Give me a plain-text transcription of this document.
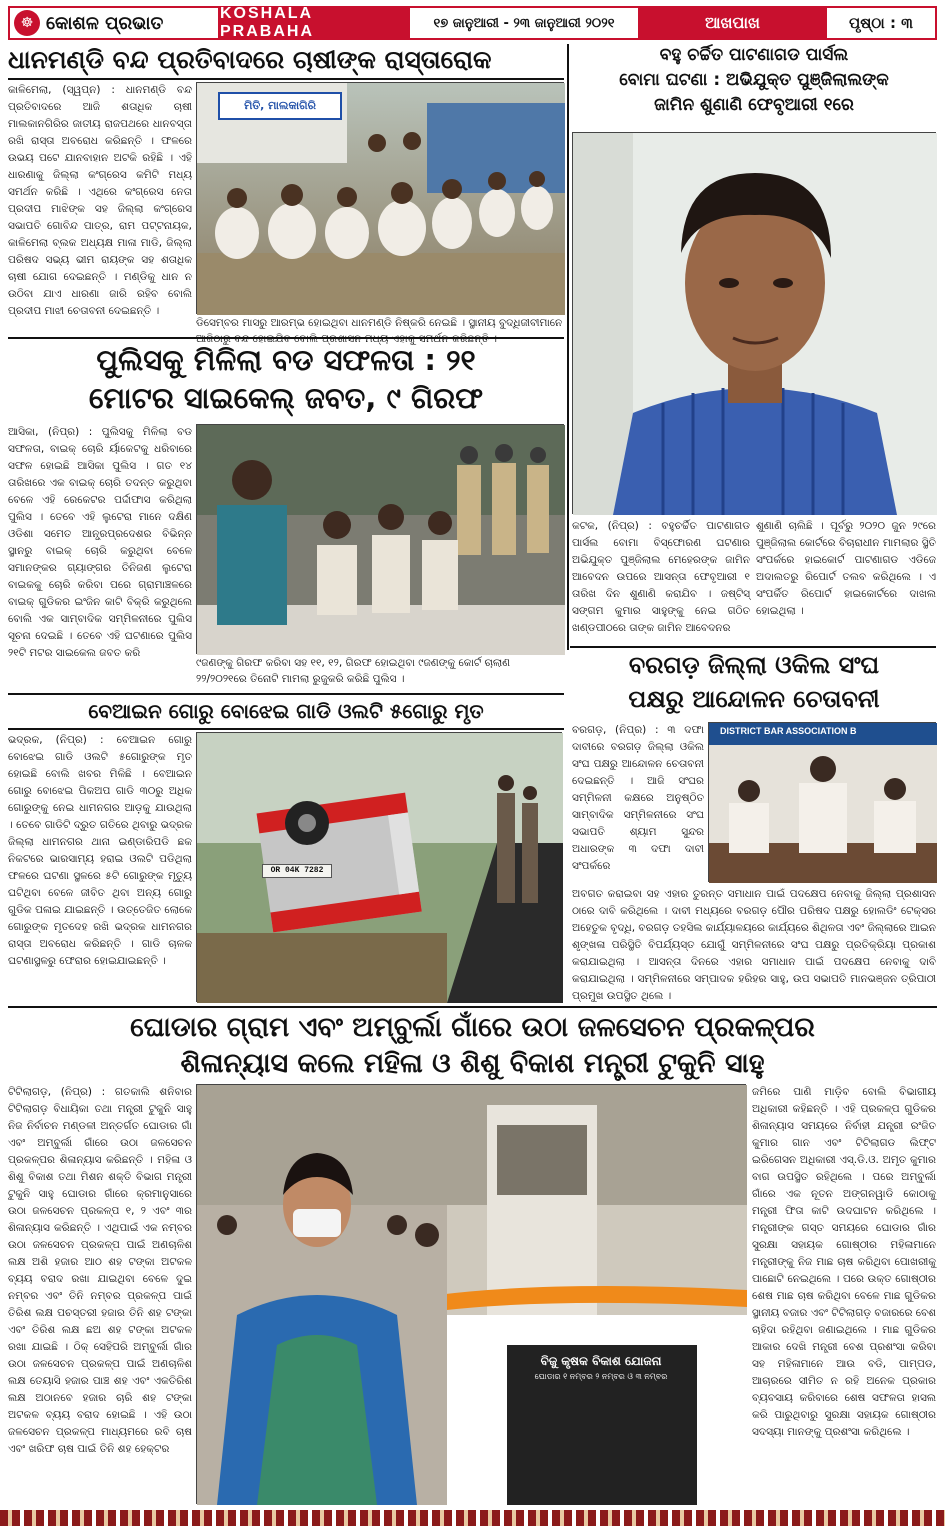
☸ କୋଶଳ ପ୍ରଭାତ	KOSHALA PRABAHA	୧୭ ଜାନୁଆରୀ - ୨୩ ଜାନୁଆରୀ ୨୦୨୧	ଆଖପାଖ	ପୃଷ୍ଠା : ୩
ଧାନମଣ୍ଡି ବନ୍ଦ ପ୍ରତିବାଦରେ ଚାଷୀଙ୍କ ରାସ୍ତାରୋକ
କାଳିମେଲା, (ସ୍ୱପ୍ନ) : ଧାନମଣ୍ଡି ବନ୍ଦ ପ୍ରତିବାଦରେ ଆଜି ଶତାଧିକ ଚାଷୀ ମାଲକାନଗିରିର ଜାତୀୟ ରାଜପଥରେ ଧାନବସ୍ତା ରଖି ରାସ୍ତା ଅବରୋଧ କରିଛନ୍ତି । ଫଳରେ ଉଭୟ ପଟେ ଯାନବାହାନ ଅଟକି ରହିଛି । ଏହି ଧାରଣାକୁ ଜିଲ୍ଲା କଂଗ୍ରେସ କମିଟି ମଧ୍ୟ ସମର୍ଥନ କରିଛି । ଏଥିରେ କଂଗ୍ରେସ ନେତା ପ୍ରଦୀପ ମାଝିଙ୍କ ସହ ଜିଲ୍ଲା କଂଗ୍ରେସ ସଭାପତି ଗୋବିନ୍ଦ ପାତ୍ର, ରାମ ପଟ୍ଟନାୟକ, କାଳିମେଲା ବ୍ଲକ ଅଧ୍ୟକ୍ଷ ମାଳା ମାଡି, ଜିଲ୍ଲା ପରିଷଦ ସଭ୍ୟ ଭୀମ ରାୟଙ୍କ ସହ ଶତାଧିକ ଚାଷୀ ଯୋଗ ଦେଇଛନ୍ତି । ମଣ୍ଡିକୁ ଧାନ ନ ଉଠିବା ଯାଏ ଧାରଣା ଜାରି ରହିବ ବୋଲି ପ୍ରଦୀପ ମାଝୀ ଚେତାବନୀ ଦେଇଛନ୍ତି ।
ମିତି, ମାଲକାଗିରି
ଡିସେମ୍ବର ମାସରୁ ଆରମ୍ଭ ହୋଇଥିବା ଧାନମଣ୍ଡି ନିଷ୍କରି ନେଇଛି । ସ୍ଥାନୀୟ ବୁଦ୍ଧିଜୀବୀମାନେ
ବହୁ ଚର୍ଚ୍ଚିତ ପାଟଣାଗଡ ପାର୍ସଲ
ବୋମା ଘଟଣା : ଅଭିଯୁକ୍ତ ପୁଞ୍ଜିଲାଲଙ୍କ
ଜାମିନ ଶୁଣାଣି ଫେବୃଆରୀ ୧ରେ
କଟକ, (ନିପ୍ର) : ବହୁଚର୍ଚ୍ଚିତ ପାଟଣାଗଡ ପାର୍ସଲ ବୋମା ବିସ୍ଫୋରଣ ଘଟଣାର ଅଭିଯୁକ୍ତ ପୁଞ୍ଜିଲାଲ ମେହେରଙ୍କ ଜାମିନ ଆବେଦନ ଉପରେ ଆସନ୍ତା ଫେବୃଆରୀ ୧ ତାରିଖ ଦିନ ଶୁଣାଣି କରାଯିବ । ଜଷ୍ଟିସ୍ ସଙ୍ଗମ କୁମାର ସାହୁଙ୍କୁ ନେଇ ଗଠିତ ଖଣ୍ଡପୀଠରେ ତାଙ୍କ ଜାମିନ ଆବେଦନର
ଶୁଣାଣି ଚାଲିଛି । ପୂର୍ବରୁ ୨୦୨୦ ଜୁନ ୨୯ରେ ପୁଞ୍ଜିଲାଲ କୋର୍ଟରେ ବିଚାରାଧୀନ ମାମଲାର ସ୍ଥିତି ସଂପର୍କରେ ହାଇକୋର୍ଟ ପାଟଣାଗଡ ଏଡିଜେ ଅଦାଲତରୁ ରିପୋର୍ଟ ତଲବ କରିଥିଲେ । ଏ ସଂପର୍କିତ ରିପୋର୍ଟ ହାଇକୋର୍ଟରେ ଦାଖଲ ହୋଇଥିଲା ।
ପୁଲିସକୁ ମିଳିଲା ବଡ ସଫଳତା : ୨୧
ମୋଟର ସାଇକେଲ୍ ଜବତ, ୯ ଗିରଫ
ଆସିକା, (ନିପ୍ର) : ପୁଲିସକୁ ମିଳିଲା ବଡ ସଫଳତା, ବାଇକ୍ ଚୋରି ର୍ୟାକେଟକୁ ଧରିବାରେ ସଫଳ ହୋଇଛି ଆସିକା ପୁଲିସ । ଗତ ୧୪ ତାରିଖରେ ଏକ ବାଇକ୍ ଚୋରି ତଦନ୍ତ କରୁଥିବା ବେଳେ ଏହି ରେକେଟର ପର୍ଦ୍ଦାଫାସ କରିଥିଲା ପୁଲିସ । ତେବେ ଏହି ଲୁଟେରା ମାନେ ଦକ୍ଷିଣ ଓଡିଶା ସମେତ ଆନ୍ଧ୍ରପ୍ରଦେଶର ବିଭିନ୍ନ ସ୍ଥାନରୁ ବାଇକ୍ ଚୋରି କରୁଥିବା ବେଳେ ସମାନଙ୍କର ଗ୍ୟାଙ୍ଗର ତିନିଜଣ ଲୁଟେରା ବାଇକକୁ ଚୋରି କରିବା ପରେ ଗ୍ରାମାଞ୍ଚଳରେ ବାଇକ୍ ଗୁଡିକର ଇଂଜିନ କାଟି ବିକ୍ରି କରୁଥିଲେ ବୋଲି ଏକ ସାମ୍ବାଦିକ ସମ୍ମିଳନୀରେ ପୁଲିସ ସୂଚନା ଦେଇଛି । ତେବେ ଏହି ଘଟଣାରେ ପୁଲିସ ୨୧ଟି ମଟର ସାଇକେଲ ଜବତ କରି
୯ଜଣଙ୍କୁ ଗିରଫ କରିବା ସହ ୧୧, ୧୨, ଗିରଫ ହୋଇଥିବା ୯ଜଣଙ୍କୁ କୋର୍ଟ ଚାଲାଣ ୨୨/୨୦୨୧ରେ ତିନୋଟି ମାମଲା ରୁଜୁକରି କରିଛି ପୁଲିସ ।	ବରଗଡ଼ ଜିଲ୍ଲା ଓକିଲ ସଂଘ
ପକ୍ଷରୁ ଆନ୍ଦୋଳନ ଚେତାବନୀ
ବରଗଡ଼, (ନିପ୍ର) : ୩ ଦଫା ଦାବୀରେ ବରଗଡ଼ ଜିଲ୍ଲା ଓକିଲ ସଂଘ ପକ୍ଷରୁ ଆନ୍ଦୋଳନ ଚେତାବନୀ ଦେଇଛନ୍ତି । ଆଜି ସଂଘର ସମ୍ମିଳନୀ କକ୍ଷରେ ଅନୁଷ୍ଠିତ ସାମ୍ବାଦିକ ସମ୍ମିଳନୀରେ ସଂଘ ସଭାପତି ଶ୍ୟାମ ସୁନ୍ଦର ଅଧାରଙ୍କ ୩ ଦଫା ଦାବୀ ସଂପର୍କରେ
DISTRICT BAR ASSOCIATION B
ଅବଗତ କରାଇବା ସହ ଏହାର ତୁରନ୍ତ ସମାଧାନ ପାଇଁ ପଦକ୍ଷେପ ନେବାକୁ ଜିଲ୍ଲା ପ୍ରଶାସନ ଠାରେ ଦାବି କରିଥିଲେ । ଦାବୀ ମଧ୍ୟରେ ବରଗଡ଼ ପୌର ପରିଷଦ ପକ୍ଷରୁ ହୋଲଡିଂ ଟେକ୍ସର ଅହେତୁକ ବୃଦ୍ଧି, ବରଗଡ଼ ତହସିଲ କାର୍ଯ୍ୟାଳୟରେ କାର୍ଯ୍ୟରେ ଶିଥିଳତା ଏବଂ ଜିଲ୍ଲାରେ ଆଇନ ଶୃଙ୍ଖଳା ପରିସ୍ଥିତି ବିପର୍ଯ୍ୟସ୍ତ ଯୋଗୁଁ ସମ୍ମିଳନୀରେ ସଂଘ ପକ୍ଷରୁ ପ୍ରତିକ୍ରିୟା ପ୍ରକାଶ କରାଯାଇଥିଲା । ଆସନ୍ତା ଦିନରେ ଏହାର ସମାଧାନ ପାଇଁ ପଦକ୍ଷେପ ନେବାକୁ ଦାବି କରାଯାଇଥିଲା । ସମ୍ମିଳନୀରେ ସମ୍ପାଦକ ହରିହର ସାହୁ, ଉପ ସଭାପତି ମାନଭଞ୍ଜନ ତ୍ରିପାଠୀ ପ୍ରମୁଖ ଉପସ୍ଥିତ ଥିଲେ ।
ବେଆଇନ ଗୋରୁ ବୋଝେଇ ଗାଡି ଓଲଟି ୫ଗୋରୁ ମୃତ
ଭଦ୍ରକ, (ନିପ୍ର) : ବେଆଇନ ଗୋରୁ ବୋଝେଇ ଗାଡି ଓଲଟି ୫ଗୋରୁଙ୍କ ମୃତ ହୋଇଛି ବୋଲି ଖବର ମିଳିଛି । ବେଆଇନ ଗୋରୁ ବୋଝେଇ ପିକଅପ ଗାଡି ୩୦ରୁ ଅଧିକ ଗୋରୁଙ୍କୁ ନେଇ ଧାମନଗର ଆଡ଼କୁ ଯାଉଥିଲା । ତେବେ ଗାଡିଟି ଦ୍ରୁତ ଗତିରେ ଥିବାରୁ ଭଦ୍ରକ ଜିଲ୍ଲା ଧାମନଗର ଥାନା ଇଣ୍ଡାରିପଡି ଛକ ନିକଟରେ ଭାରସାମ୍ୟ ହରାଇ ଓଲଟି ପଡିଥିଲା ଫଳରେ ଘଟଣା ସ୍ଥଳରେ ୫ଟି ଗୋରୁଙ୍କ ମୃତ୍ୟୁ ଘଟିଥିବା ବେଳେ ଜୀବିତ ଥିବା ଅନ୍ୟ ଗୋରୁ ଗୁଡିକ ପଳାଇ ଯାଇଛନ୍ତି । ଉତ୍ତେଜିତ ଲୋକେ ଗୋରୁଙ୍କ ମୃତଦେହ ରଖି ଭଦ୍ରକ ଧାମନଗର ରାସ୍ତା ଅବରୋଧ କରିଛନ୍ତି । ଗାଡି ଚାଳକ ଘଟଣାସ୍ଥଳରୁ ଫେରାର ହୋଇଯାଇଛନ୍ତି ।
OR 04K 7282
ଘୋଡାର ଗ୍ରାମ ଏବଂ ଅମ୍ବୁର୍ଲା ଗାଁରେ ଉଠା ଜଳସେଚନ ପ୍ରକଳ୍ପର
ଶିଳାନ୍ୟାସ କଲେ ମହିଳା ଓ ଶିଶୁ ବିକାଶ ମନ୍ତ୍ରୀ ଟୁକୁନି ସାହୁ
ଟିଟିଲାଗଡ଼, (ନିପ୍ର) : ଗତକାଲି ଶନିବାର ଟିଟିଲାଗଡ଼ ବିଧାୟିକା ତଥା ମନ୍ତ୍ରୀ ଟୁକୁନି ସାହୁ ନିଜ ନିର୍ବାଚନ ମଣ୍ଡଳୀ ଅନ୍ତର୍ଗତ ଘୋଡାର ଗାଁ ଏବଂ ଅମ୍ବୁର୍ଲା ଗାଁରେ ଉଠା ଜଳସେଚନ ପ୍ରକଳ୍ପର ଶିଳାନ୍ୟାସ କରିଛନ୍ତି । ମହିଳା ଓ ଶିଶୁ ବିକାଶ ତଥା ମିଶନ ଶକ୍ତି ବିଭାଗ ମନ୍ତ୍ରୀ ଟୁକୁନି ସାହୁ ଘୋଡାର ଗାଁରେ କ୍ରମାନୁସାରେ ଉଠା ଜଳସେଚନ ପ୍ରକଳ୍ପ ୧, ୨ ଏବଂ ୩ର ଶିଳାନ୍ୟାସ କରିଛନ୍ତି । ଏଥିପାଇଁ ଏକ ନମ୍ବର ଉଠା ଜଳସେଚନ ପ୍ରକଳ୍ପ ପାଇଁ ଅଣଚାଳିଶ ଲକ୍ଷ ଅଶି ହଜାର ଆଠ ଶହ ଟଙ୍କା ଅଟକଳ ବ୍ୟୟ ବରାଦ ରଖା ଯାଇଥିବା ବେଳେ ଦୁଇ ନମ୍ବର ଏବଂ ତିନି ନମ୍ବର ପ୍ରକଳ୍ପ ପାଇଁ ତିରିଶ ଲକ୍ଷ ପଚସ୍ତରୀ ହଜାର ତିନି ଶହ ଟଙ୍କା ଏବଂ ତିରିଶ ଲକ୍ଷ ଛଅ ଶହ ଟଙ୍କା ଅଟକଳ ରଖା ଯାଇଛି । ଠିକ୍ ସେହିପରି ଅମ୍ବୁର୍ଲା ଗାଁର ଉଠା ଜଳସେଚନ ପ୍ରକଳ୍ପ ପାଇଁ ଅଣଚାଳିଶ ଲକ୍ଷ ତେୟାସି ହଜାର ପାଞ୍ଚ ଶହ ଏବଂ ଏକତିରିଶ ଲକ୍ଷ ଅଠାନବେ ହଜାର ଚାରି ଶହ ଟଙ୍କା ଅଟକଳ ବ୍ୟୟ ବରାଦ ହୋଇଛି । ଏହି ଉଠା ଜଳସେଚନ ପ୍ରକଳ୍ପ ମାଧ୍ୟମରେ ରବି ଚାଷ ଏବଂ ଖରିଫ ଚାଷ ପାଇଁ ତିନି ଶହ ହେକ୍ଟର
ବିଜୁ କୃଷକ ବିକାଶ ଯୋଜନା
ଘୋଡାର ୧ ନମ୍ବର ୨ ନମ୍ବର ଓ ୩ ନମ୍ବର
ଜମିରେ ପାଣି ମାଡ଼ିବ ବୋଲି ବିଭାଗୀୟ ଅଧିକାରୀ କହିଛନ୍ତି । ଏହି ପ୍ରକଳ୍ପ ଗୁଡିକର ଶିଳାନ୍ୟାସ ସମୟରେ ନିର୍ବାହୀ ଯନ୍ତ୍ରୀ ରଂଜିତ କୁମାର ଗାନ ଏବଂ ଟିଟିଲାଗଡ ଲିଫ୍ଟ ଇରିଗେସନ ଅଧିକାରୀ ଏସ୍.ଡି.ଓ. ଅମୃତ କୁମାର ବାଗ ଉପସ୍ଥିତ ରହିଥିଲେ । ପରେ ଅମ୍ବୁର୍ଲା ଗାଁରେ ଏକ ନୂତନ ଅଙ୍ଗନୱାଡି କୋଠାକୁ ମନ୍ତ୍ରୀ ଫିତା କାଟି ଉଦଘାଟନ କରିଥିଲେ । ମନ୍ତ୍ରୀଙ୍କ ଗସ୍ତ ସମୟରେ ଘୋଡାର ଗାଁର ସୁରକ୍ଷା ସହାୟକ ଗୋଷ୍ଠୀର ମହିଳାମାନେ ମନ୍ତ୍ରୀଙ୍କୁ ନିଜ ମାଛ ଚାଷ କରିଥିବା ପୋଖରୀକୁ ପାଛୋଟି ନେଇଥିଲେ । ପରେ ଉକ୍ତ ଗୋଷ୍ଠୀର ଶେଷ ମାଛ ଚାଷ କରିଥିବା ବେଳେ ମାଛ ଗୁଡିକର ସ୍ଥାନୀୟ ବଜାର ଏବଂ ଟିଟିଲାଗଡ଼ ବଜାରରେ ବେଶ ଚାହିଦା ରହିଥିବା ଜଣାଇଥିଲେ । ମାଛ ଗୁଡିକର ଆକାର ଦେଖି ମନ୍ତ୍ରୀ ବେଶ ପ୍ରଶଂସା କରିବା ସହ ମହିଳାମାନେ ଆଉ ବଡି, ପାମ୍ପଡ, ଆଚାରରେ ସୀମିତ ନ ରହି ଅନେକ ପ୍ରକାର ବ୍ୟବସାୟ କରିବାରେ ଶେଷ ସଫଳତା ହାସଲ କରି ପାରୁଥିବାରୁ ସୁରକ୍ଷା ସହାୟକ ଗୋଷ୍ଠୀର ସଦସ୍ୟା ମାନଙ୍କୁ ପ୍ରଶଂସା କରିଥିଲେ ।
